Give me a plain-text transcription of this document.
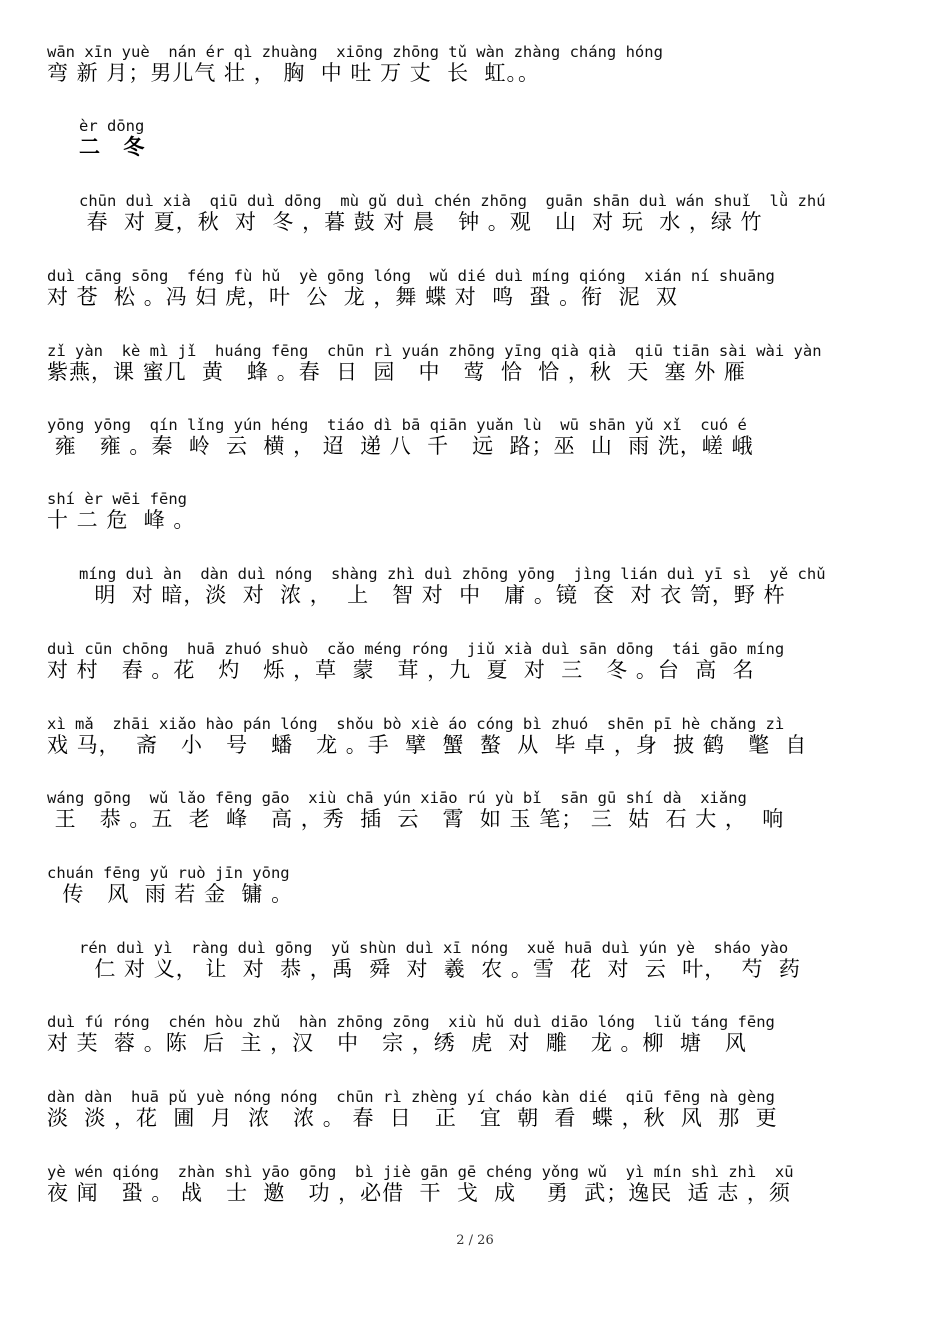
wān xīn yuè  nán ér qì zhuàng  xiōng zhōng tǔ wàn zhàng cháng hóng
弯 新 月；男儿气 壮 ， 胸  中 吐 万 丈  长  虹。。
èr dōng
二 冬
chūn duì xià  qiū duì dōng  mù gǔ duì chén zhōng  guān shān duì wán shuǐ  lǜ zhú
春  对 夏，秋  对  冬 ，暮 鼓 对 晨   钟 。观   山  对 玩  水 ，绿 竹
duì cāng sōng  féng fù hǔ  yè gōng lóng  wǔ dié duì míng qióng  xián ní shuāng
对 苍  松 。冯 妇 虎，叶  公  龙 ，舞 蝶 对  鸣  蛩 。衔  泥  双
zǐ yàn  kè mì jǐ  huáng fēng  chūn rì yuán zhōng yīng qià qià  qiū tiān sài wài yàn
紫燕，课 蜜几  黄   蜂 。春  日  园   中   莺  恰  恰 ，秋  天  塞 外 雁
yōng yōng  qín lǐng yún héng  tiáo dì bā qiān yuǎn lù  wū shān yǔ xǐ  cuó é
雍   雍 。秦  岭  云  横 ， 迢  递 八  千   远  路；巫  山  雨 洗，嵯 峨
shí èr wēi fēng
十 二 危  峰 。
míng duì àn  dàn duì nóng  shàng zhì duì zhōng yōng  jìng lián duì yī sì  yě chǔ
明  对 暗，淡  对  浓 ，  上   智 对  中   庸 。镜  奁  对 衣 笥，野 杵
duì cūn chōng  huā zhuó shuò  cǎo méng róng  jiǔ xià duì sān dōng  tái gāo míng
对 村   舂 。花   灼   烁 ，草  蒙   茸 ，九  夏  对  三   冬 。台  高  名
xì mǎ  zhāi xiǎo hào pán lóng  shǒu bò xiè áo cóng bì zhuó  shēn pī hè chǎng zì
戏 马，  斋   小   号   蟠   龙 。手  擘  蟹  螯  从  毕 卓 ，身  披 鹤   氅  自
wáng gōng  wǔ lǎo fēng gāo  xiù chā yún xiāo rú yù bǐ  sān gū shí dà  xiǎng
王   恭 。五  老  峰   高 ，秀  插  云   霄  如 玉 笔； 三  姑  石 大 ，  响
chuán fēng yǔ ruò jīn yōng
传   风  雨 若 金  镛 。
rén duì yì  ràng duì gōng  yǔ shùn duì xī nóng  xuě huā duì yún yè  sháo yào
仁 对 义， 让  对  恭 ，禹  舜  对  羲  农 。雪  花  对  云  叶，  芍  药
duì fú róng  chén hòu zhǔ  hàn zhōng zōng  xiù hǔ duì diāo lóng  liǔ táng fēng
对 芙  蓉 。陈  后  主 ，汉   中   宗 ，绣  虎  对  雕   龙 。柳  塘   风
dàn dàn  huā pǔ yuè nóng nóng  chūn rì zhèng yí cháo kàn dié  qiū fēng nà gèng
淡  淡 ，花  圃  月  浓   浓 。 春  日   正   宜  朝  看  蝶 ，秋  风  那  更
yè wén qióng  zhàn shì yāo gōng  bì jiè gān gē chéng yǒng wǔ  yì mín shì zhì  xū
夜 闻   蛩 。 战   士  邀   功 ，必借  干  戈  成    勇  武；逸民  适 志 ，须
2 / 26
